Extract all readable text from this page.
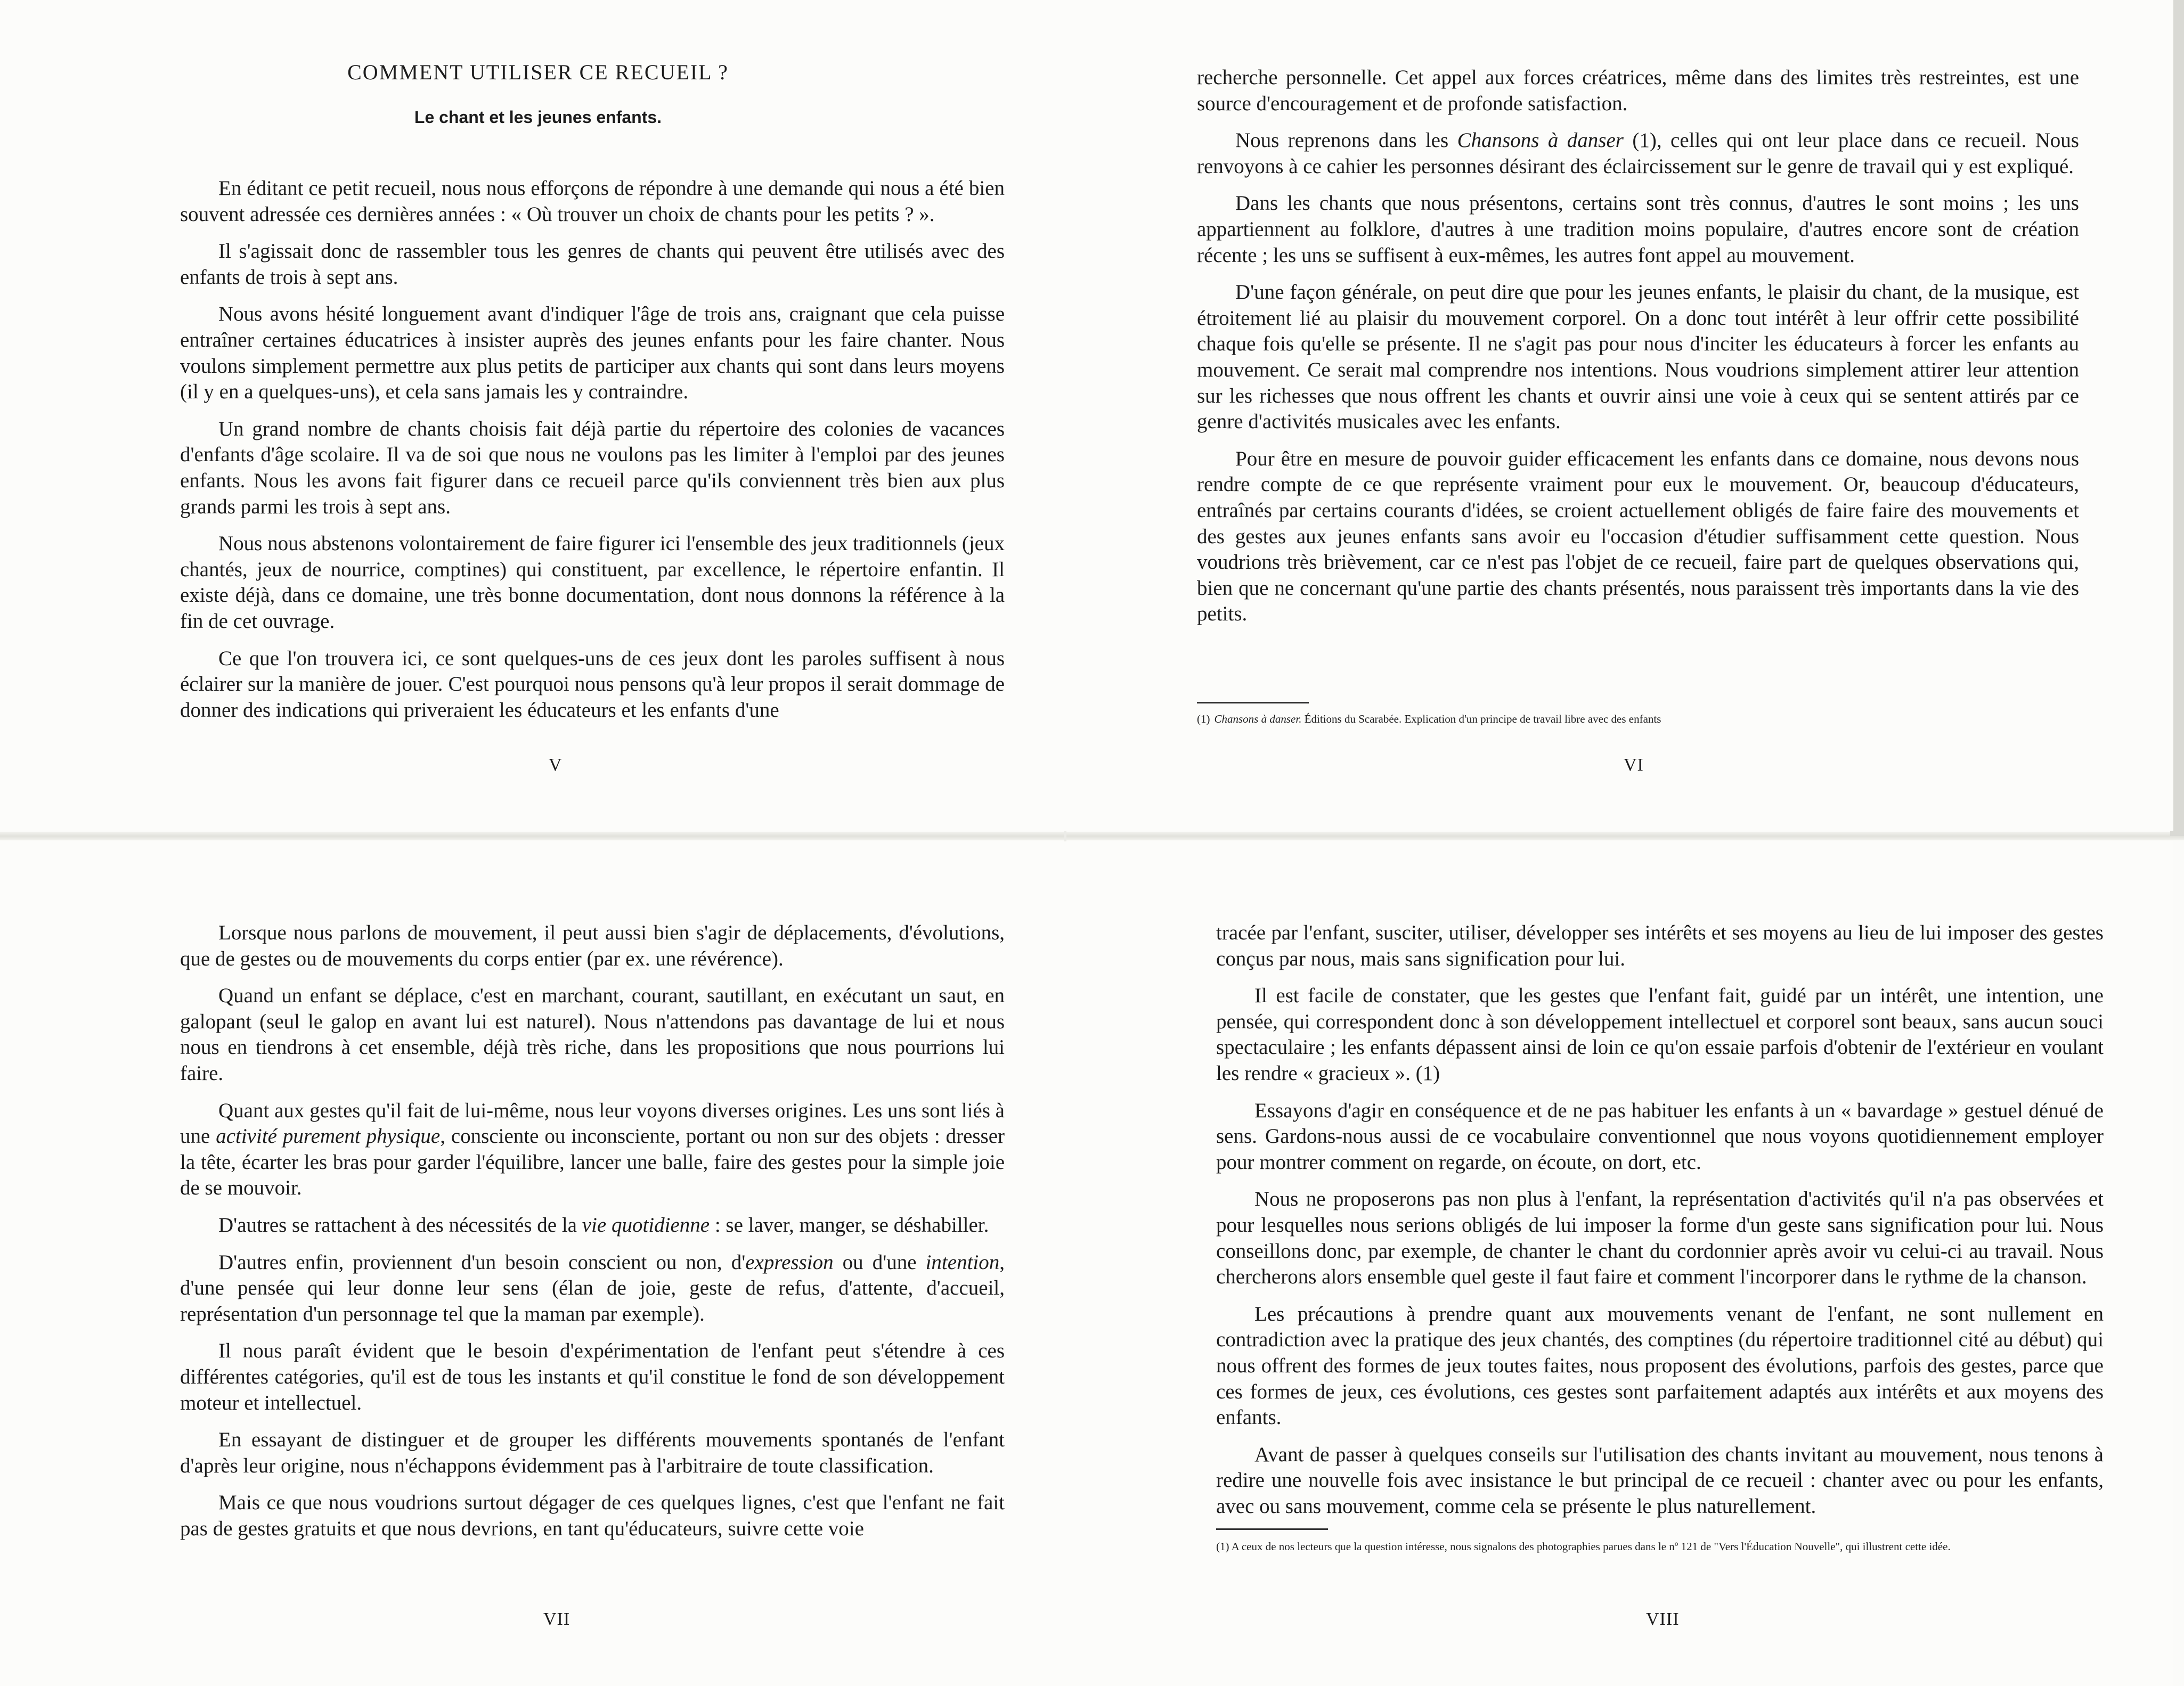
COMMENT UTILISER CE RECUEIL ?
Le chant et les jeunes enfants.

En éditant ce petit recueil, nous nous efforçons de répondre à une demande qui nous a été bien souvent adressée ces dernières années : « Où trouver un choix de chants pour les petits ? ».

Il s'agissait donc de rassembler tous les genres de chants qui peuvent être utilisés avec des enfants de trois à sept ans.

Nous avons hésité longuement avant d'indiquer l'âge de trois ans, craignant que cela puisse entraîner certaines éducatrices à insister auprès des jeunes enfants pour les faire chanter. Nous voulons simplement permettre aux plus petits de participer aux chants qui sont dans leurs moyens (il y en a quelques-uns), et cela sans jamais les y contraindre.

Un grand nombre de chants choisis fait déjà partie du répertoire des colonies de vacances d'enfants d'âge scolaire. Il va de soi que nous ne voulons pas les limiter à l'emploi par des jeunes enfants. Nous les avons fait figurer dans ce recueil parce qu'ils conviennent très bien aux plus grands parmi les trois à sept ans.

Nous nous abstenons volontairement de faire figurer ici l'ensemble des jeux traditionnels (jeux chantés, jeux de nourrice, comptines) qui constituent, par excellence, le répertoire enfantin. Il existe déjà, dans ce domaine, une très bonne documentation, dont nous donnons la référence à la fin de cet ouvrage.

Ce que l'on trouvera ici, ce sont quelques-uns de ces jeux dont les paroles suffisent à nous éclairer sur la manière de jouer. C'est pourquoi nous pensons qu'à leur propos il serait dommage de donner des indications qui priveraient les éducateurs et les enfants d'une

V

recherche personnelle. Cet appel aux forces créatrices, même dans des limites très restreintes, est une source d'encouragement et de profonde satisfaction.

Nous reprenons dans les Chansons à danser (1), celles qui ont leur place dans ce recueil. Nous renvoyons à ce cahier les personnes désirant des éclaircissement sur le genre de travail qui y est expliqué.

Dans les chants que nous présentons, certains sont très connus, d'autres le sont moins ; les uns appartiennent au folklore, d'autres à une tradition moins populaire, d'autres encore sont de création récente ; les uns se suffisent à eux-mêmes, les autres font appel au mouvement.

D'une façon générale, on peut dire que pour les jeunes enfants, le plaisir du chant, de la musique, est étroitement lié au plaisir du mouvement corporel. On a donc tout intérêt à leur offrir cette possibilité chaque fois qu'elle se présente. Il ne s'agit pas pour nous d'inciter les éducateurs à forcer les enfants au mouvement. Ce serait mal comprendre nos intentions. Nous voudrions simplement attirer leur attention sur les richesses que nous offrent les chants et ouvrir ainsi une voie à ceux qui se sentent attirés par ce genre d'activités musicales avec les enfants.

Pour être en mesure de pouvoir guider efficacement les enfants dans ce domaine, nous devons nous rendre compte de ce que représente vraiment pour eux le mouvement. Or, beaucoup d'éducateurs, entraînés par certains courants d'idées, se croient actuellement obligés de faire faire des mouvements et des gestes aux jeunes enfants sans avoir eu l'occasion d'étudier suffisamment cette question. Nous voudrions très brièvement, car ce n'est pas l'objet de ce recueil, faire part de quelques observations qui, bien que ne concernant qu'une partie des chants présentés, nous paraissent très importants dans la vie des petits.

(1) Chansons à danser. Éditions du Scarabée. Explication d'un principe de travail libre avec des enfants
VI

Lorsque nous parlons de mouvement, il peut aussi bien s'agir de déplacements, d'évolutions, que de gestes ou de mouvements du corps entier (par ex. une révérence).

Quand un enfant se déplace, c'est en marchant, courant, sautillant, en exécutant un saut, en galopant (seul le galop en avant lui est naturel). Nous n'attendons pas davantage de lui et nous nous en tiendrons à cet ensemble, déjà très riche, dans les propositions que nous pourrions lui faire.

Quant aux gestes qu'il fait de lui-même, nous leur voyons diverses origines. Les uns sont liés à une activité purement physique, consciente ou inconsciente, portant ou non sur des objets : dresser la tête, écarter les bras pour garder l'équilibre, lancer une balle, faire des gestes pour la simple joie de se mouvoir.

D'autres se rattachent à des nécessités de la vie quotidienne : se laver, manger, se déshabiller.

D'autres enfin, proviennent d'un besoin conscient ou non, d'expression ou d'une intention, d'une pensée qui leur donne leur sens (élan de joie, geste de refus, d'attente, d'accueil, représentation d'un personnage tel que la maman par exemple).

Il nous paraît évident que le besoin d'expérimentation de l'enfant peut s'étendre à ces différentes catégories, qu'il est de tous les instants et qu'il constitue le fond de son développement moteur et intellectuel.

En essayant de distinguer et de grouper les différents mouvements spontanés de l'enfant d'après leur origine, nous n'échappons évidemment pas à l'arbitraire de toute classification.

Mais ce que nous voudrions surtout dégager de ces quelques lignes, c'est que l'enfant ne fait pas de gestes gratuits et que nous devrions, en tant qu'éducateurs, suivre cette voie

VII

tracée par l'enfant, susciter, utiliser, développer ses intérêts et ses moyens au lieu de lui imposer des gestes conçus par nous, mais sans signification pour lui.

Il est facile de constater, que les gestes que l'enfant fait, guidé par un intérêt, une intention, une pensée, qui correspondent donc à son développement intellectuel et corporel sont beaux, sans aucun souci spectaculaire ; les enfants dépassent ainsi de loin ce qu'on essaie parfois d'obtenir de l'extérieur en voulant les rendre « gracieux ». (1)

Essayons d'agir en conséquence et de ne pas habituer les enfants à un « bavardage » gestuel dénué de sens. Gardons-nous aussi de ce vocabulaire conventionnel que nous voyons quotidiennement employer pour montrer comment on regarde, on écoute, on dort, etc.

Nous ne proposerons pas non plus à l'enfant, la représentation d'activités qu'il n'a pas observées et pour lesquelles nous serions obligés de lui imposer la forme d'un geste sans signification pour lui. Nous conseillons donc, par exemple, de chanter le chant du cordonnier après avoir vu celui-ci au travail. Nous chercherons alors ensemble quel geste il faut faire et comment l'incorporer dans le rythme de la chanson.

Les précautions à prendre quant aux mouvements venant de l'enfant, ne sont nullement en contradiction avec la pratique des jeux chantés, des comptines (du répertoire traditionnel cité au début) qui nous offrent des formes de jeux toutes faites, nous proposent des évolutions, parfois des gestes, parce que ces formes de jeux, ces évolutions, ces gestes sont parfaitement adaptés aux intérêts et aux moyens des enfants.

Avant de passer à quelques conseils sur l'utilisation des chants invitant au mouvement, nous tenons à redire une nouvelle fois avec insistance le but principal de ce recueil : chanter avec ou pour les enfants, avec ou sans mouvement, comme cela se présente le plus naturellement.

(1) A ceux de nos lecteurs que la question intéresse, nous signalons des photographies parues dans le nº 121 de "Vers l'Éducation Nouvelle", qui illustrent cette idée.
VIII
